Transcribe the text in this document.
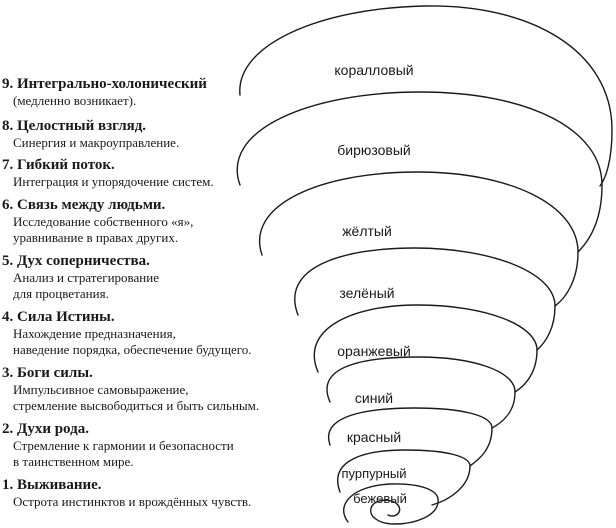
9. Интегрально-холонический
(медленно возникает).
8. Целостный взгляд.
Синергия и макроуправление.
7. Гибкий поток.
Интеграция и упорядочение систем.
6. Связь между людьми.
Исследование собственного «я»,
уравнивание в правах других.
5. Дух соперничества.
Анализ и стратегирование
для процветания.
4. Сила Истины.
Нахождение предназначения,
наведение порядка, обеспечение будущего.
3. Боги силы.
Импульсивное самовыражение,
стремление высвободиться и быть сильным.
2. Духи рода.
Стремление к гармонии и безопасности
в таинственном мире.
1. Выживание.
Острота инстинктов и врождённых чувств.
коралловый
бирюзовый
жёлтый
зелёный
оранжевый
синий
красный
пурпурный
бежевый
